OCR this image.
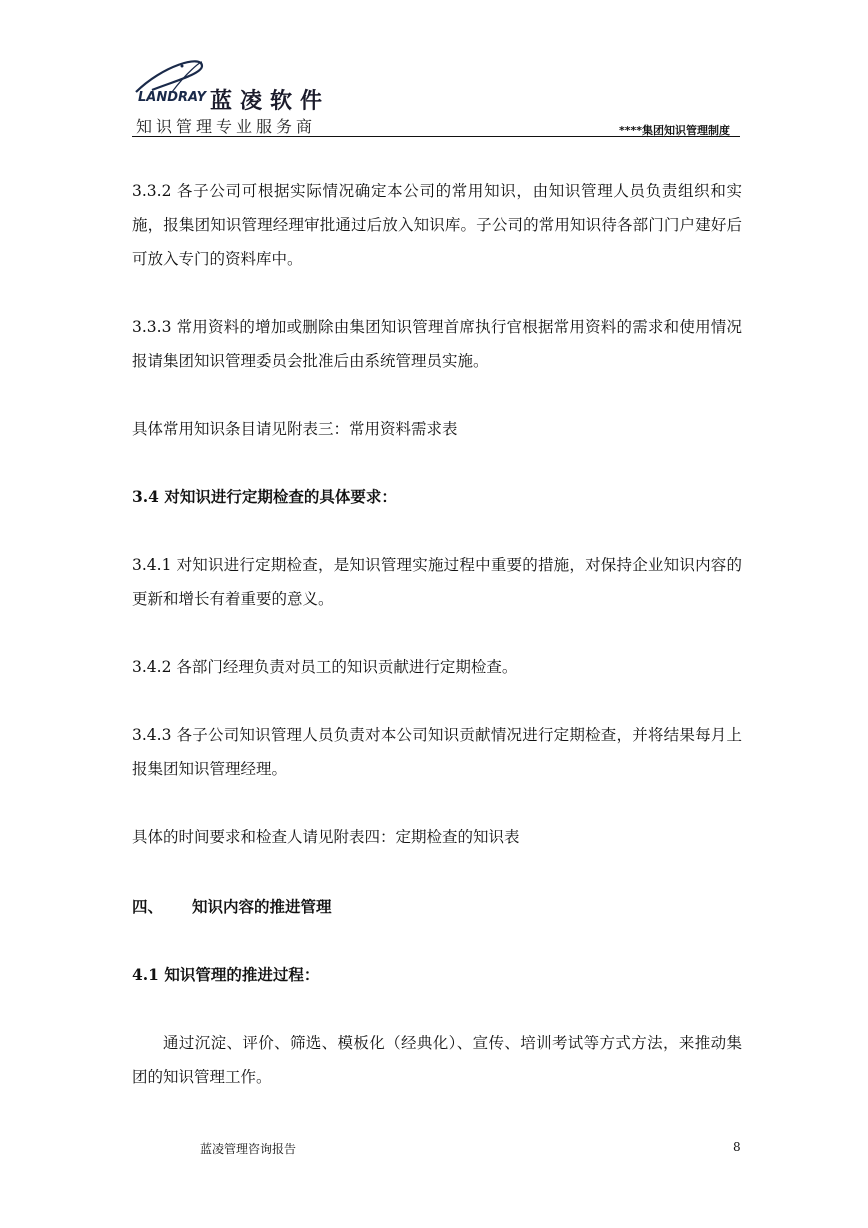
LANDRAY 蓝凌软件
知识管理专业服务商	****集团知识管理制度

3.3.2 各子公司可根据实际情况确定本公司的常用知识，由知识管理人员负责组织和实施，报集团知识管理经理审批通过后放入知识库。子公司的常用知识待各部门门户建好后可放入专门的资料库中。

3.3.3 常用资料的增加或删除由集团知识管理首席执行官根据常用资料的需求和使用情况报请集团知识管理委员会批准后由系统管理员实施。

具体常用知识条目请见附表三：常用资料需求表

3.4 对知识进行定期检查的具体要求：

3.4.1 对知识进行定期检查，是知识管理实施过程中重要的措施，对保持企业知识内容的更新和增长有着重要的意义。

3.4.2 各部门经理负责对员工的知识贡献进行定期检查。

3.4.3 各子公司知识管理人员负责对本公司知识贡献情况进行定期检查，并将结果每月上报集团知识管理经理。

具体的时间要求和检查人请见附表四：定期检查的知识表

四、 知识内容的推进管理

4.1 知识管理的推进过程：

通过沉淀、评价、筛选、模板化（经典化）、宣传、培训考试等方式方法，来推动集团的知识管理工作。

蓝凌管理咨询报告	8
